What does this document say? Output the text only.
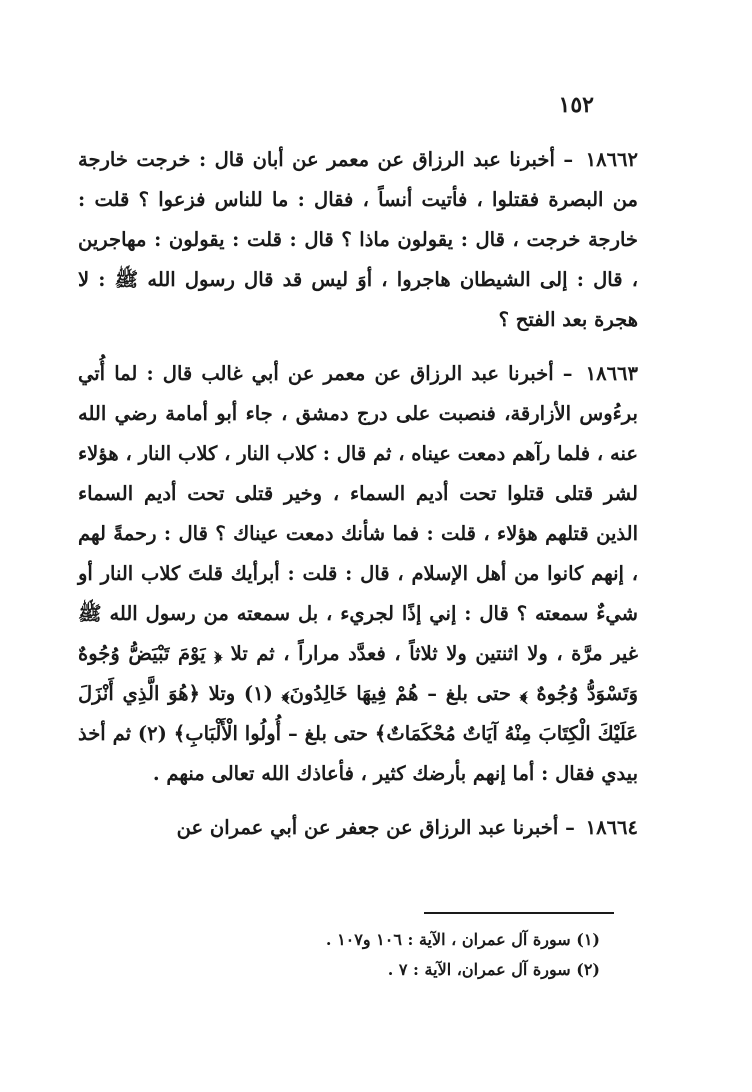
١٥٢

١٨٦٦٢ – أخبرنا عبد الرزاق عن معمر عن أبان قال : خرجت خارجة من البصرة فقتلوا ، فأتيت أنساً ، فقال : ما للناس فزعوا ؟ قلت : خارجة خرجت ، قال : يقولون ماذا ؟ قال : قلت : يقولون : مهاجرين ، قال : إلى الشيطان هاجروا ، أوَ ليس قد قال رسول الله ﷺ : لا هجرة بعد الفتح ؟

١٨٦٦٣ – أخبرنا عبد الرزاق عن معمر عن أبي غالب قال : لما أُتي برءُوس الأزارقة، فنصبت على درج دمشق ، جاء أبو أمامة رضي الله عنه ، فلما رآهم دمعت عيناه ، ثم قال : كلاب النار ، كلاب النار ، هؤلاء لشر قتلى قتلوا تحت أديم السماء ، وخير قتلى تحت أديم السماء الذين قتلهم هؤلاء ، قلت : فما شأنك دمعت عيناك ؟ قال : رحمةً لهم ، إنهم كانوا من أهل الإسلام ، قال : قلت : أبرأيك قلتَ كلاب النار أو شيءٌ سمعته ؟ قال : إني إذًا لجريء ، بل سمعته من رسول الله ﷺ غير مرَّة ، ولا اثنتين ولا ثلاثاً ، فعدَّد مراراً ، ثم تلا ﴿ يَوْمَ تَبْيَضُّ وُجُوهٌ وَتَسْوَدُّ وُجُوهٌ ﴾ حتى بلغ – هُمْ فِيهَا خَالِدُونَ﴾ (١) وتلا ﴿هُوَ الَّذِي أَنْزَلَ عَلَيْكَ الْكِتَابَ مِنْهُ آيَاتٌ مُحْكَمَاتٌ﴾ حتى بلغ – أُولُوا الْأَلْبَابِ﴾ (٢) ثم أخذ بيدي فقال : أما إنهم بأرضك كثير ، فأعاذك الله تعالى منهم .

١٨٦٦٤ – أخبرنا عبد الرزاق عن جعفر عن أبي عمران عن

(١) سورة آل عمران ، الآية : ١٠٦ و١٠٧ .
(٢) سورة آل عمران، الآية : ٧ .
